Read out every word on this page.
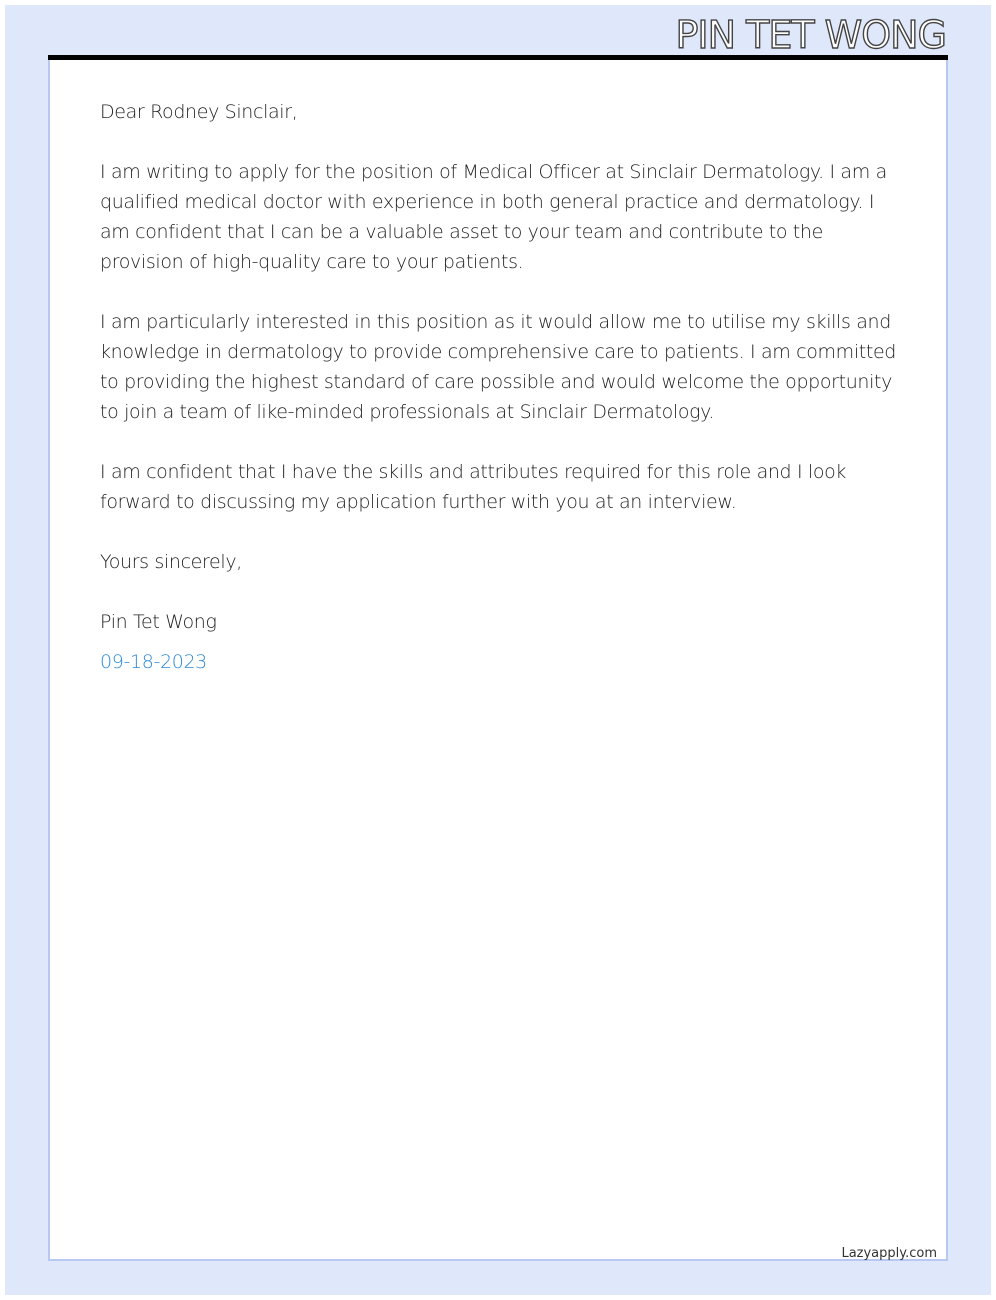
PIN TET WONG

Dear Rodney Sinclair,

I am writing to apply for the position of Medical Officer at Sinclair Dermatology. I am a qualified medical doctor with experience in both general practice and dermatology. I am confident that I can be a valuable asset to your team and contribute to the provision of high-quality care to your patients.

I am particularly interested in this position as it would allow me to utilise my skills and knowledge in dermatology to provide comprehensive care to patients. I am committed to providing the highest standard of care possible and would welcome the opportunity to join a team of like-minded professionals at Sinclair Dermatology.

I am confident that I have the skills and attributes required for this role and I look forward to discussing my application further with you at an interview.

Yours sincerely,

Pin Tet Wong

09-18-2023

Lazyapply.com
